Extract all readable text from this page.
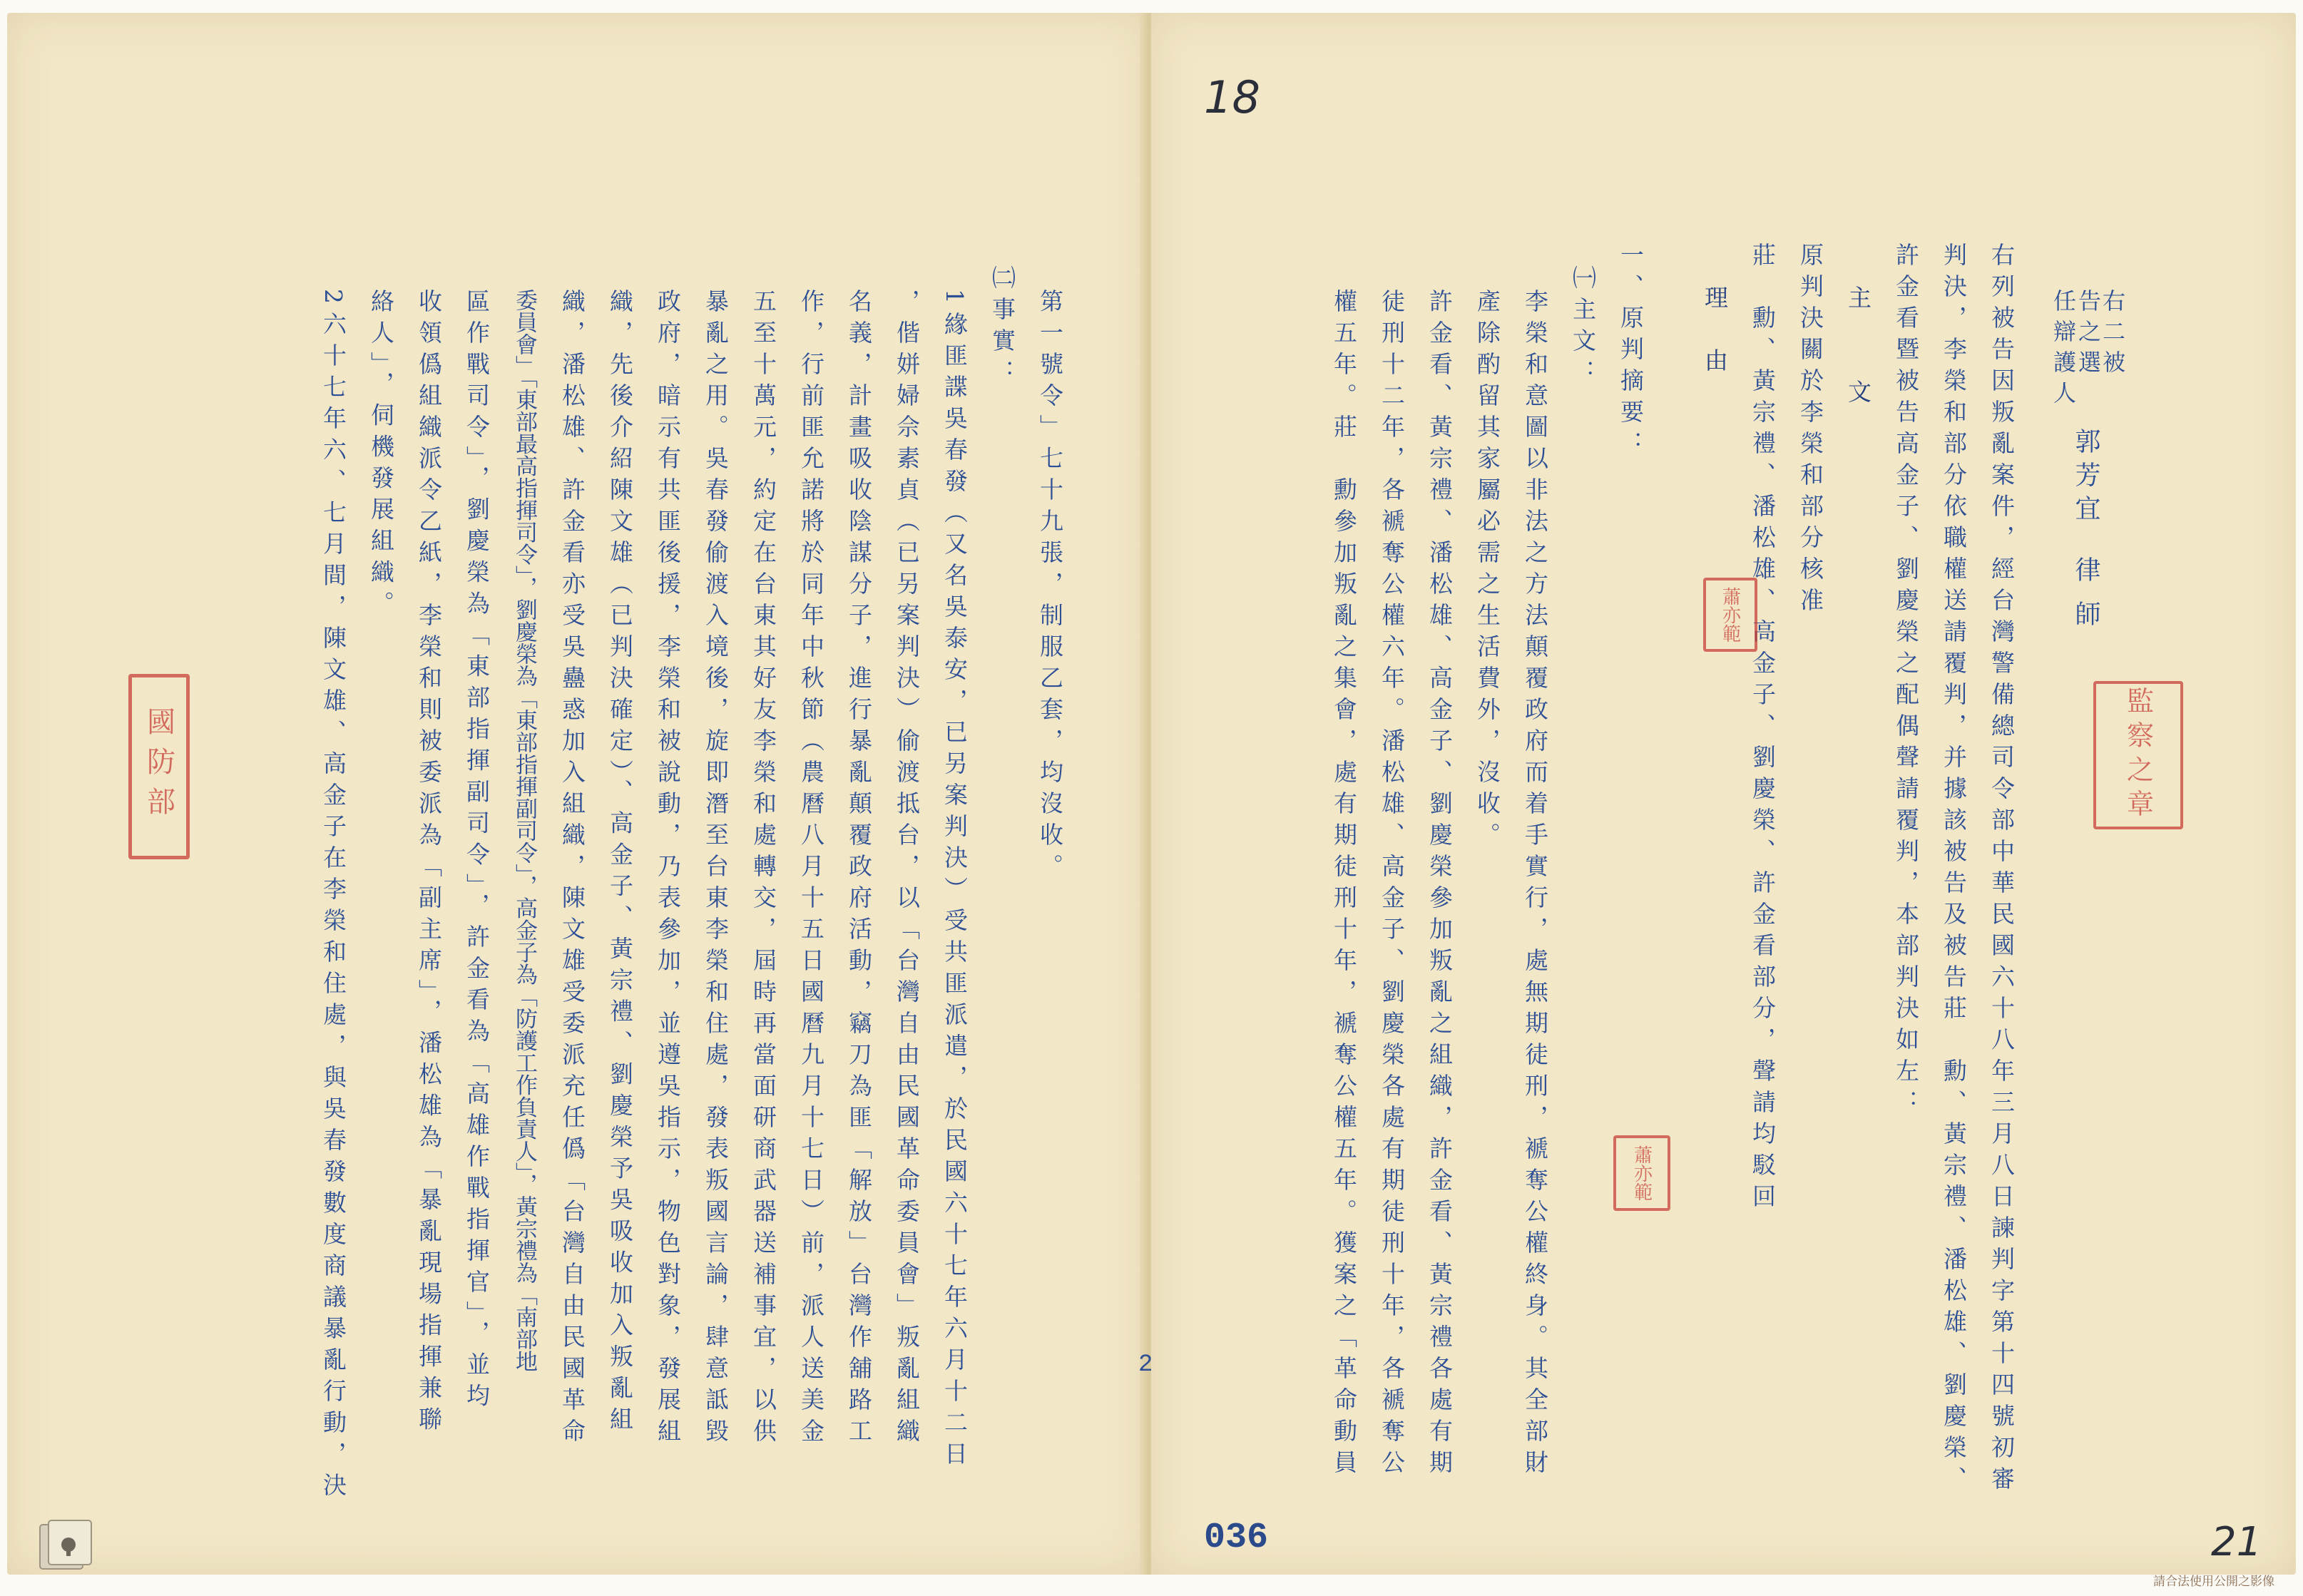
18
21
右二被
告之選
任辯護人
郭芳宜
律師
右列被告因叛亂案件，經台灣警備總司令部中華民國六十八年三月八日諫判字第十四號初審
判決，李榮和部分依職權送請覆判，并據該被告及被告莊　勳、黃宗禮、潘松雄、劉慶榮、
許金看暨被告高金子、劉慶榮之配偶聲請覆判，本部判決如左：
主　　文
原判決關於李榮和部分核准
莊　勳、黃宗禮、潘松雄、高金子、劉慶榮、許金看部分，聲請均駁回
理　由
一、原判摘要：
㈠主文：
李榮和意圖以非法之方法顛覆政府而着手實行，處無期徒刑，褫奪公權終身。其全部財
產除酌留其家屬必需之生活費外，沒收。
許金看、黃宗禮、潘松雄、高金子、劉慶榮參加叛亂之組織，許金看、黃宗禮各處有期
徒刑十二年，各褫奪公權六年。潘松雄、高金子、劉慶榮各處有期徒刑十年，各褫奪公
權五年。莊　勳參加叛亂之集會，處有期徒刑十年，褫奪公權五年。獲案之「革命動員
2
036
監察之章
蕭亦範
蕭亦範
國防部	第一號令」七十九張，制服乙套，均沒收。
㈡事實：
1緣匪諜吳春發（又名吳泰安，已另案判決）受共匪派遣，於民國六十七年六月十二日
，偕姘婦佘素貞（已另案判決）偷渡抵台，以「台灣自由民國革命委員會」叛亂組織
名義，計畫吸收陰謀分子，進行暴亂顛覆政府活動，竊刀為匪「解放」台灣作舖路工
作，行前匪允諾將於同年中秋節（農曆八月十五日國曆九月十七日）前，派人送美金
五至十萬元，約定在台東其好友李榮和處轉交，屆時再當面研商武器送補事宜，以供
暴亂之用。吳春發偷渡入境後，旋即潛至台東李榮和住處，發表叛國言論，肆意詆毀
政府，暗示有共匪後援，李榮和被說動，乃表參加，並遵吳指示，物色對象，發展組
織，先後介紹陳文雄（已判決確定）、高金子、黃宗禮、劉慶榮予吳吸收加入叛亂組
織，潘松雄、許金看亦受吳蠱惑加入組織，陳文雄受委派充任僞「台灣自由民國革命
委員會」「東部最高指揮司令」，劉慶榮為「東部指揮副司令」，高金子為「防護工作負責人」，黃宗禮為「南部地
區作戰司令」，劉慶榮為「東部指揮副司令」，許金看為「高雄作戰指揮官」，並均
收領僞組織派令乙紙，李榮和則被委派為「副主席」，潘松雄為「暴亂現場指揮兼聯
絡人」，伺機發展組織。
2六十七年六、七月間，陳文雄、高金子在李榮和住處，與吳春發數度商議暴亂行動，決
請合法使用公開之影像
